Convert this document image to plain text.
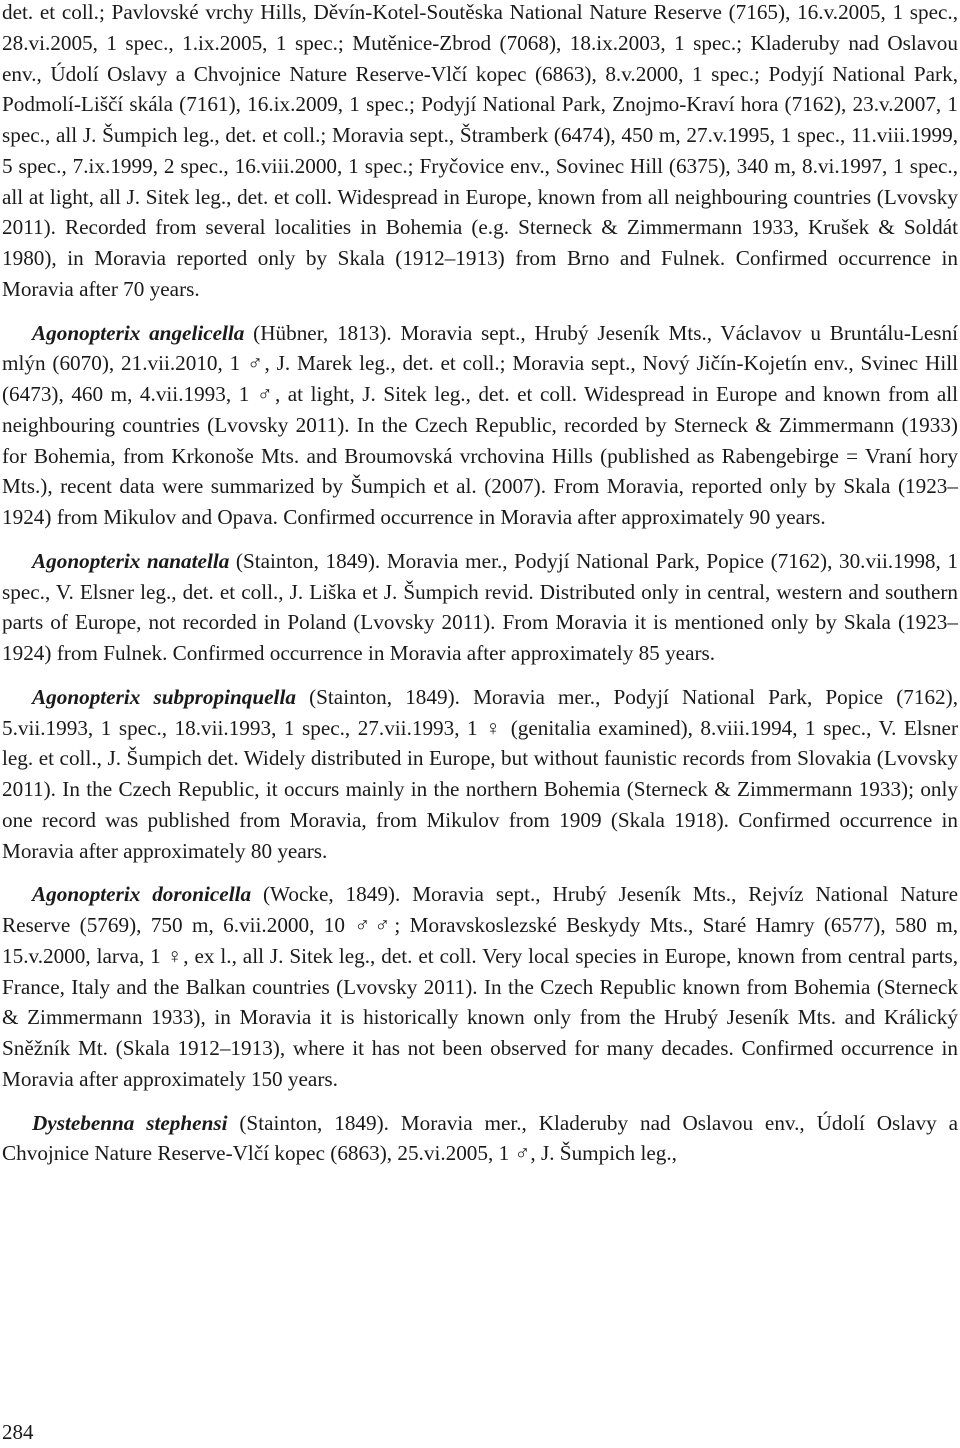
det. et coll.; Pavlovské vrchy Hills, Děvín-Kotel-Soutěska National Nature Reserve (7165), 16.v.2005, 1 spec., 28.vi.2005, 1 spec., 1.ix.2005, 1 spec.; Mutěnice-Zbrod (7068), 18.ix.2003, 1 spec.; Kladeruby nad Oslavou env., Údolí Oslavy a Chvojnice Nature Reserve-Vlčí kopec (6863), 8.v.2000, 1 spec.; Podyjí National Park, Podmolí-Liščí skála (7161), 16.ix.2009, 1 spec.; Podyjí National Park, Znojmo-Kraví hora (7162), 23.v.2007, 1 spec., all J. Šumpich leg., det. et coll.; Moravia sept., Štramberk (6474), 450 m, 27.v.1995, 1 spec., 11.viii.1999, 5 spec., 7.ix.1999, 2 spec., 16.viii.2000, 1 spec.; Fryčovice env., Sovinec Hill (6375), 340 m, 8.vi.1997, 1 spec., all at light, all J. Sitek leg., det. et coll. Widespread in Europe, known from all neighbouring countries (Lvovsky 2011). Recorded from several localities in Bohemia (e.g. Sterneck & Zimmermann 1933, Krušek & Soldát 1980), in Moravia reported only by Skala (1912–1913) from Brno and Fulnek. Confirmed occurrence in Moravia after 70 years.

Agonopterix angelicella (Hübner, 1813). Moravia sept., Hrubý Jeseník Mts., Václavov u Bruntálu-Lesní mlýn (6070), 21.vii.2010, 1 ♂, J. Marek leg., det. et coll.; Moravia sept., Nový Jičín-Kojetín env., Svinec Hill (6473), 460 m, 4.vii.1993, 1 ♂, at light, J. Sitek leg., det. et coll. Widespread in Europe and known from all neighbouring countries (Lvovsky 2011). In the Czech Republic, recorded by Sterneck & Zimmermann (1933) for Bohemia, from Krkonoše Mts. and Broumovská vrchovina Hills (published as Rabengebirge = Vraní hory Mts.), recent data were summarized by Šumpich et al. (2007). From Moravia, reported only by Skala (1923–1924) from Mikulov and Opava. Confirmed occurrence in Moravia after approximately 90 years.

Agonopterix nanatella (Stainton, 1849). Moravia mer., Podyjí National Park, Popice (7162), 30.vii.1998, 1 spec., V. Elsner leg., det. et coll., J. Liška et J. Šumpich revid. Distributed only in central, western and southern parts of Europe, not recorded in Poland (Lvovsky 2011). From Moravia it is mentioned only by Skala (1923–1924) from Fulnek. Confirmed occurrence in Moravia after approximately 85 years.

Agonopterix subpropinquella (Stainton, 1849). Moravia mer., Podyjí National Park, Popice (7162), 5.vii.1993, 1 spec., 18.vii.1993, 1 spec., 27.vii.1993, 1 ♀ (genitalia examined), 8.viii.1994, 1 spec., V. Elsner leg. et coll., J. Šumpich det. Widely distributed in Europe, but without faunistic records from Slovakia (Lvovsky 2011). In the Czech Republic, it occurs mainly in the northern Bohemia (Sterneck & Zimmermann 1933); only one record was published from Moravia, from Mikulov from 1909 (Skala 1918). Confirmed occurrence in Moravia after approximately 80 years.

Agonopterix doronicella (Wocke, 1849). Moravia sept., Hrubý Jeseník Mts., Rejvíz National Nature Reserve (5769), 750 m, 6.vii.2000, 10 ♂♂; Moravskoslezské Beskydy Mts., Staré Hamry (6577), 580 m, 15.v.2000, larva, 1 ♀, ex l., all J. Sitek leg., det. et coll. Very local species in Europe, known from central parts, France, Italy and the Balkan countries (Lvovsky 2011). In the Czech Republic known from Bohemia (Sterneck & Zimmermann 1933), in Moravia it is historically known only from the Hrubý Jeseník Mts. and Králický Sněžník Mt. (Skala 1912–1913), where it has not been observed for many decades. Confirmed occurrence in Moravia after approximately 150 years.

Dystebenna stephensi (Stainton, 1849). Moravia mer., Kladeruby nad Oslavou env., Údolí Oslavy a Chvojnice Nature Reserve-Vlčí kopec (6863), 25.vi.2005, 1 ♂, J. Šumpich leg.,

284
